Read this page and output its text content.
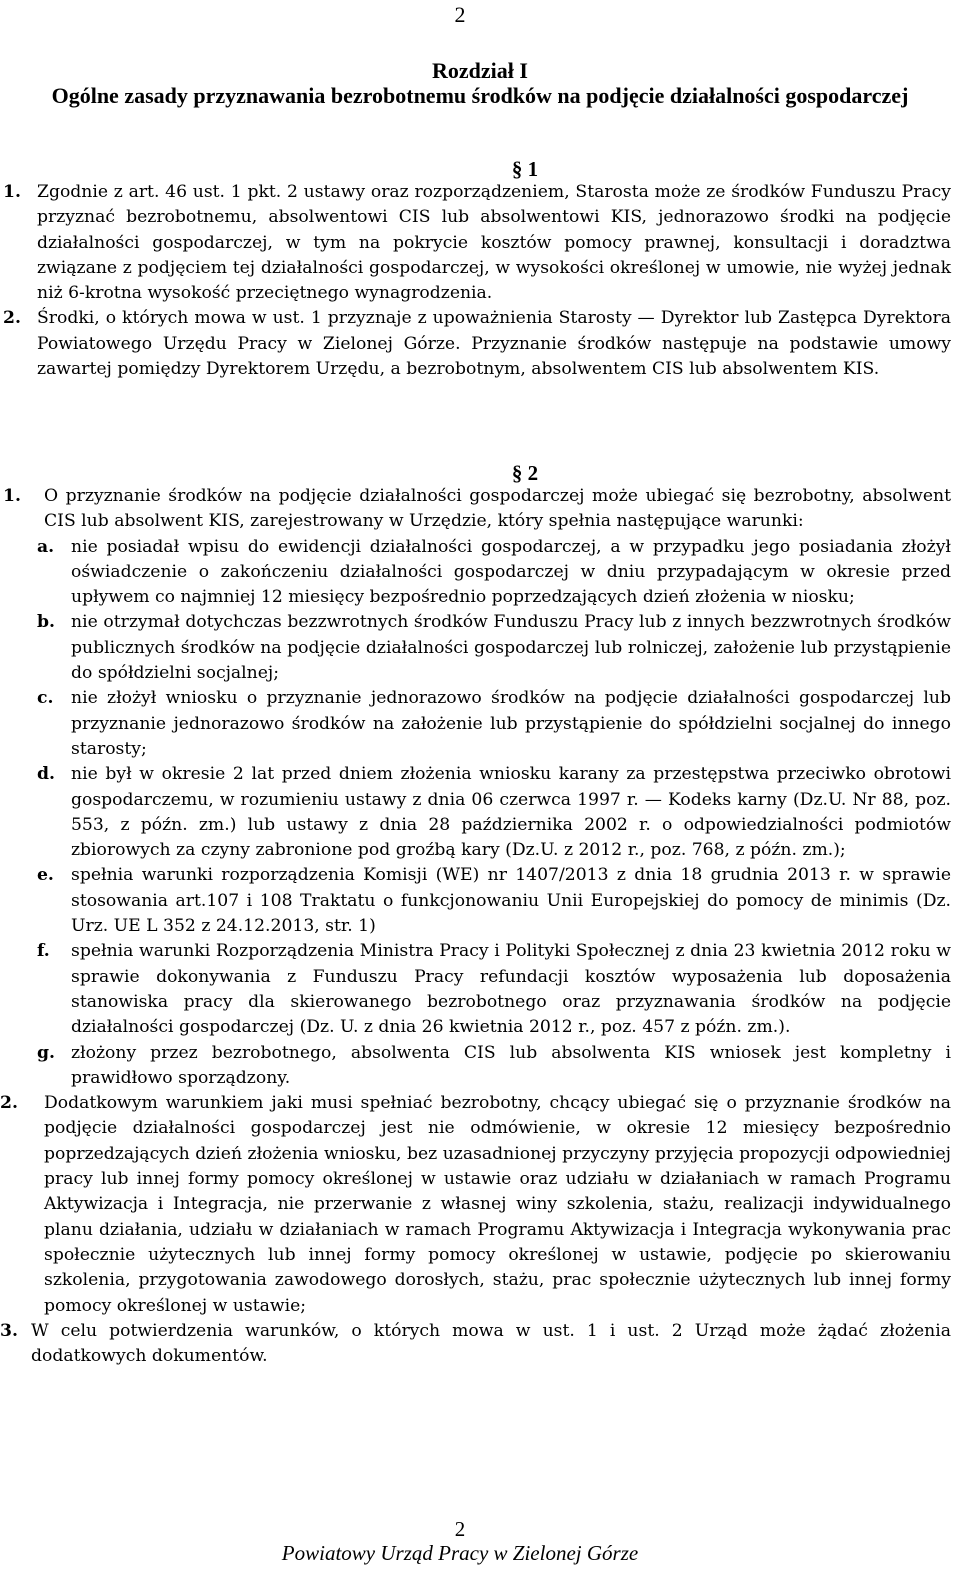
2
Rozdział I
Ogólne zasady przyznawania bezrobotnemu środków na podjęcie działalności gospodarczej
§ 1
1. Zgodnie z art. 46 ust. 1 pkt. 2 ustawy oraz rozporządzeniem, Starosta może ze środków Funduszu Pracy przyznać bezrobotnemu, absolwentowi CIS lub absolwentowi KIS, jednorazowo środki na podjęcie działalności gospodarczej, w tym na pokrycie kosztów pomocy prawnej, konsultacji i doradztwa związane z podjęciem tej działalności gospodarczej, w wysokości określonej w umowie, nie wyżej jednak niż 6-krotna wysokość przeciętnego wynagrodzenia.
2. Środki, o których mowa w ust. 1 przyznaje z upoważnienia Starosty — Dyrektor lub Zastępca Dyrektora Powiatowego Urzędu Pracy w Zielonej Górze. Przyznanie środków następuje na podstawie umowy zawartej pomiędzy Dyrektorem Urzędu, a bezrobotnym, absolwentem CIS lub absolwentem KIS.
§ 2
1.	O przyznanie środków na podjęcie działalności gospodarczej może ubiegać się bezrobotny, absolwent CIS lub absolwent KIS, zarejestrowany w Urzędzie, który spełnia następujące warunki:
a. nie posiadał wpisu do ewidencji działalności gospodarczej, a w przypadku jego posiadania złożył oświadczenie o zakończeniu działalności gospodarczej w dniu przypadającym w okresie przed upływem co najmniej 12 miesięcy bezpośrednio poprzedzających dzień złożenia w niosku;
b. nie otrzymał dotychczas bezzwrotnych środków Funduszu Pracy lub z innych bezzwrotnych środków publicznych środków na podjęcie działalności gospodarczej lub rolniczej, założenie lub przystąpienie do spółdzielni socjalnej;
c.	nie złożył wniosku o przyznanie jednorazowo środków na podjęcie działalności gospodarczej lub przyznanie jednorazowo środków na założenie lub przystąpienie do spółdzielni socjalnej do innego starosty;
d. nie był w okresie 2 lat przed dniem złożenia wniosku karany za przestępstwa przeciwko obrotowi gospodarczemu, w rozumieniu ustawy z dnia 06 czerwca 1997 r. — Kodeks karny (Dz.U. Nr 88, poz. 553, z późn. zm.) lub ustawy z dnia 28 października 2002 r. o odpowiedzialności podmiotów zbiorowych za czyny zabronione pod groźbą kary (Dz.U. z 2012 r., poz. 768, z późn. zm.);
e. spełnia warunki rozporządzenia Komisji (WE) nr 1407/2013 z dnia 18 grudnia 2013 r. w sprawie stosowania art.107 i 108 Traktatu o funkcjonowaniu Unii Europejskiej do pomocy de minimis (Dz. Urz. UE L 352 z 24.12.2013, str. 1)
f.	spełnia warunki Rozporządzenia Ministra Pracy i Polityki Społecznej z dnia 23 kwietnia 2012 roku w sprawie dokonywania z Funduszu Pracy refundacji kosztów wyposażenia lub doposażenia stanowiska pracy dla skierowanego bezrobotnego oraz przyznawania środków na podjęcie działalności gospodarczej (Dz. U. z dnia 26 kwietnia 2012 r., poz. 457 z późn. zm.).
g. złożony przez bezrobotnego, absolwenta CIS lub absolwenta KIS wniosek jest kompletny i prawidłowo sporządzony.
2.	Dodatkowym warunkiem jaki musi spełniać bezrobotny, chcący ubiegać się o przyznanie środków na podjęcie działalności gospodarczej jest nie odmówienie, w okresie 12 miesięcy bezpośrednio poprzedzających dzień złożenia wniosku, bez uzasadnionej przyczyny przyjęcia propozycji odpowiedniej pracy lub innej formy pomocy określonej w ustawie oraz udziału w działaniach w ramach Programu Aktywizacja i Integracja, nie przerwanie z własnej winy szkolenia, stażu, realizacji indywidualnego planu działania, udziału w działaniach w ramach Programu Aktywizacja i Integracja wykonywania prac społecznie użytecznych lub innej formy pomocy określonej w ustawie, podjęcie po skierowaniu szkolenia, przygotowania zawodowego dorosłych, stażu, prac społecznie użytecznych lub innej formy pomocy określonej w ustawie;
3. W celu potwierdzenia warunków, o których mowa w ust. 1 i ust. 2 Urząd może żądać złożenia dodatkowych dokumentów.
2
Powiatowy Urząd Pracy w Zielonej Górze
